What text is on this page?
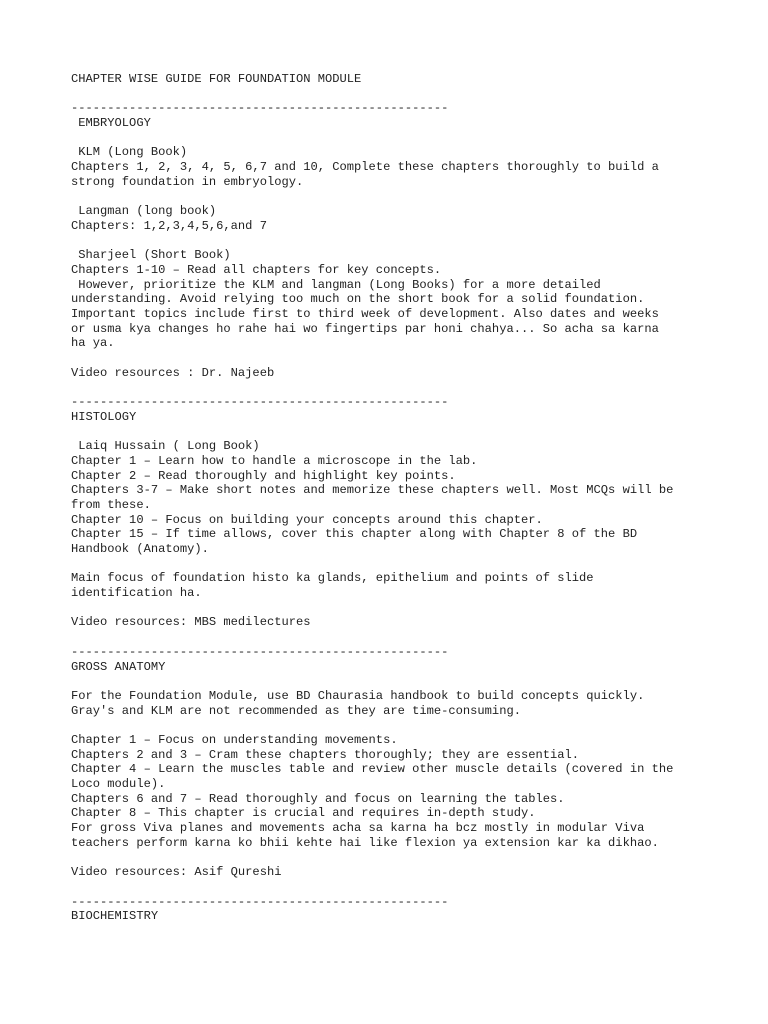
CHAPTER WISE GUIDE FOR FOUNDATION MODULE
----------------------------------------------------
EMBRYOLOGY
KLM (Long Book)
Chapters 1, 2, 3, 4, 5, 6,7 and 10, Complete these chapters thoroughly to build a
strong foundation in embryology.
Langman (long book)
Chapters: 1,2,3,4,5,6,and 7
Sharjeel (Short Book)
Chapters 1-10 – Read all chapters for key concepts.
However, prioritize the KLM and langman (Long Books) for a more detailed
understanding. Avoid relying too much on the short book for a solid foundation.
Important topics include first to third week of development. Also dates and weeks
or usma kya changes ho rahe hai wo fingertips par honi chahya... So acha sa karna
ha ya.
Video resources : Dr. Najeeb
----------------------------------------------------
HISTOLOGY
Laiq Hussain ( Long Book)
Chapter 1 – Learn how to handle a microscope in the lab.
Chapter 2 – Read thoroughly and highlight key points.
Chapters 3-7 – Make short notes and memorize these chapters well. Most MCQs will be
from these.
Chapter 10 – Focus on building your concepts around this chapter.
Chapter 15 – If time allows, cover this chapter along with Chapter 8 of the BD
Handbook (Anatomy).
Main focus of foundation histo ka glands, epithelium and points of slide
identification ha.
Video resources: MBS medilectures
----------------------------------------------------
GROSS ANATOMY
For the Foundation Module, use BD Chaurasia handbook to build concepts quickly.
Gray's and KLM are not recommended as they are time-consuming.
Chapter 1 – Focus on understanding movements.
Chapters 2 and 3 – Cram these chapters thoroughly; they are essential.
Chapter 4 – Learn the muscles table and review other muscle details (covered in the
Loco module).
Chapters 6 and 7 – Read thoroughly and focus on learning the tables.
Chapter 8 – This chapter is crucial and requires in-depth study.
For gross Viva planes and movements acha sa karna ha bcz mostly in modular Viva
teachers perform karna ko bhii kehte hai like flexion ya extension kar ka dikhao.
Video resources: Asif Qureshi
----------------------------------------------------
BIOCHEMISTRY
